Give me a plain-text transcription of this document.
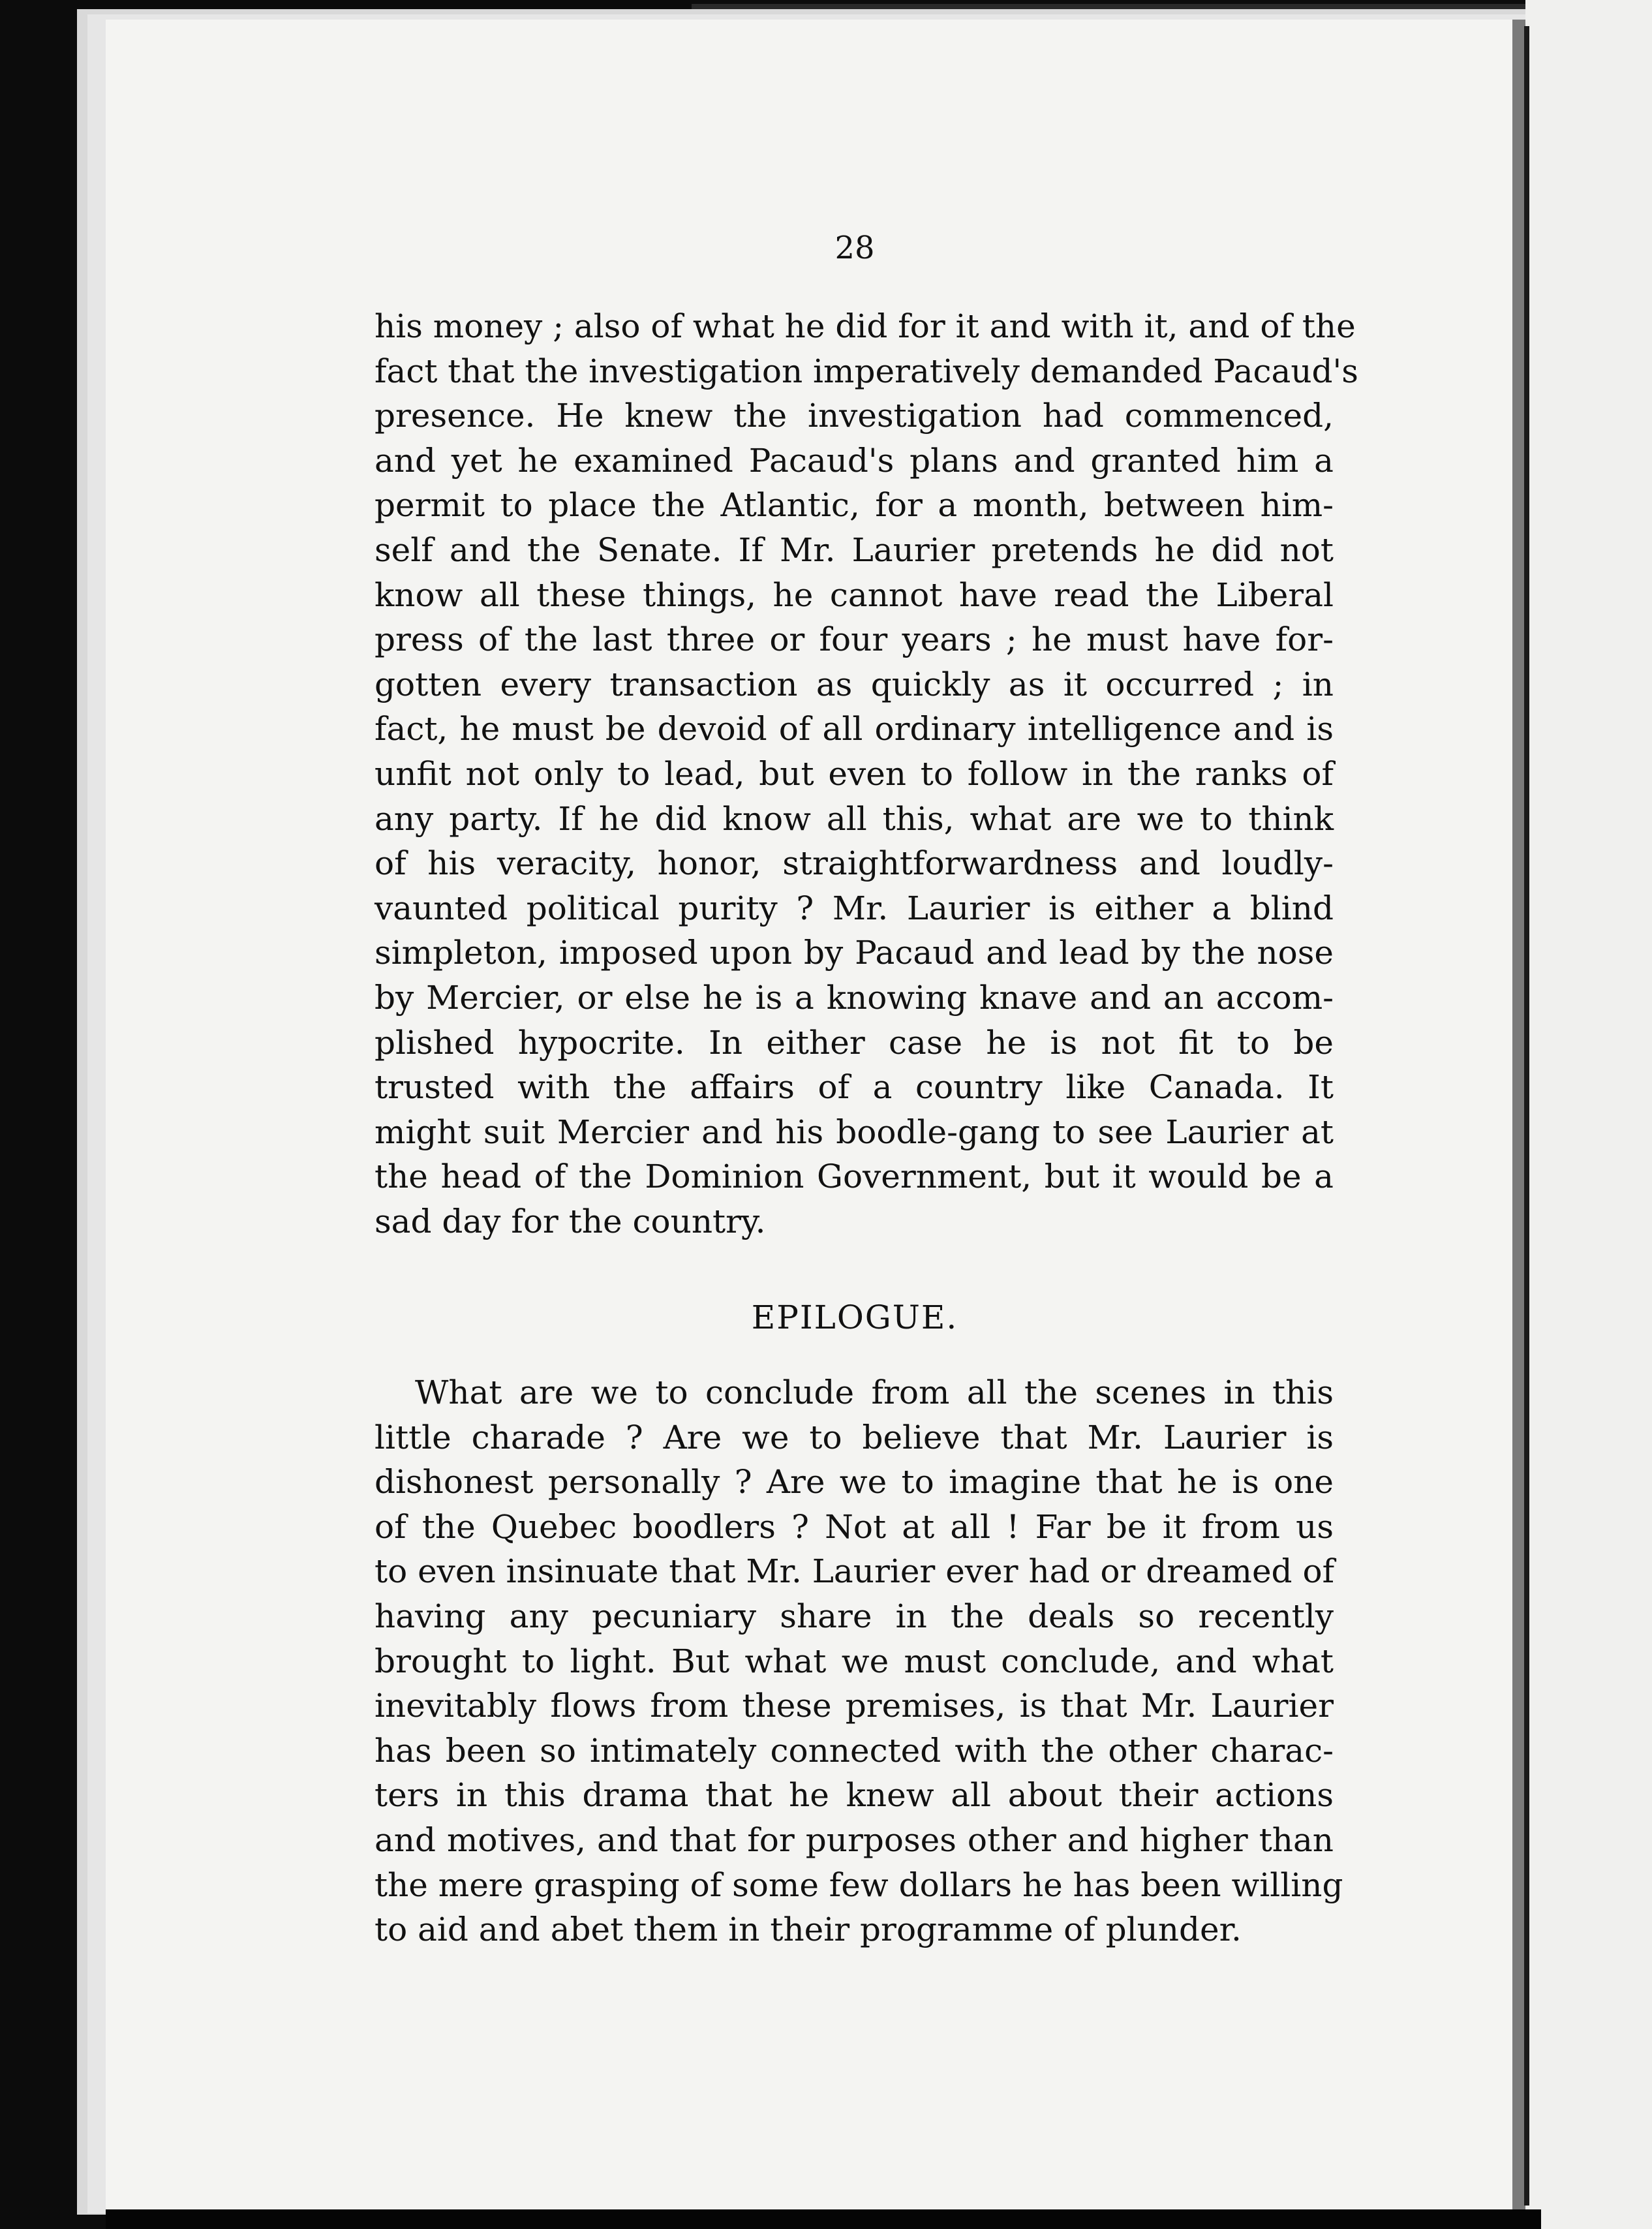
28
his money ; also of what he did for it and with it, and of the
fact that the investigation imperatively demanded Pacaud's
presence. He knew the investigation had commenced,
and yet he examined Pacaud's plans and granted him a
permit to place the Atlantic, for a month, between him-
self and the Senate. If Mr. Laurier pretends he did not
know all these things, he cannot have read the Liberal
press of the last three or four years ; he must have for-
gotten every transaction as quickly as it occurred ; in
fact, he must be devoid of all ordinary intelligence and is
unfit not only to lead, but even to follow in the ranks of
any party. If he did know all this, what are we to think
of his veracity, honor, straightforwardness and loudly-
vaunted political purity ? Mr. Laurier is either a blind
simpleton, imposed upon by Pacaud and lead by the nose
by Mercier, or else he is a knowing knave and an accom-
plished hypocrite. In either case he is not fit to be
trusted with the affairs of a country like Canada. It
might suit Mercier and his boodle-gang to see Laurier at
the head of the Dominion Government, but it would be a
sad day for the country.
EPILOGUE.
What are we to conclude from all the scenes in this
little charade ? Are we to believe that Mr. Laurier is
dishonest personally ? Are we to imagine that he is one
of the Quebec boodlers ? Not at all ! Far be it from us
to even insinuate that Mr. Laurier ever had or dreamed of
having any pecuniary share in the deals so recently
brought to light. But what we must conclude, and what
inevitably flows from these premises, is that Mr. Laurier
has been so intimately connected with the other charac-
ters in this drama that he knew all about their actions
and motives, and that for purposes other and higher than
the mere grasping of some few dollars he has been willing
to aid and abet them in their programme of plunder.
